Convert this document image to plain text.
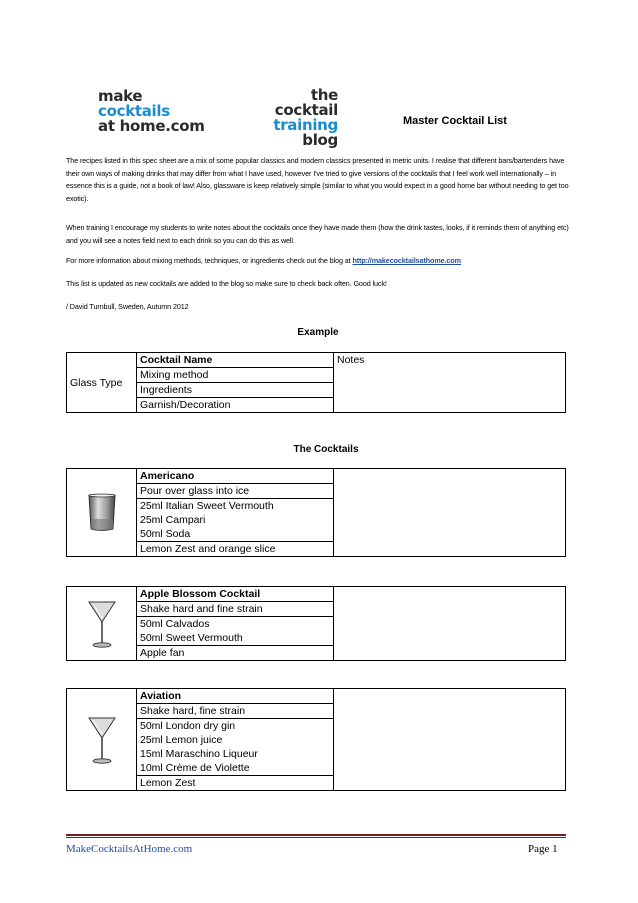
make
cocktails
at home.com
the cocktail
training
blog
Master Cocktail List
The recipes listed in this spec sheet are a mix of some popular classics and modern classics presented in metric units. I realise that different bars/bartenders have their own ways of making drinks that may differ from what I have used, however I've tried to give versions of the cocktails that I feel work well internationally – in essence this is a guide, not a book of law! Also, glassware is keep relatively simple (similar to what you would expect in a good home bar without needing to get too exotic).
When training I encourage my students to write notes about the cocktails once they have made them (how the drink tastes, looks, if it reminds them of anything etc) and you will see a notes field next to each drink so you can do this as well.
For more information about mixing methods, techniques, or ingredients check out the blog at http://makecocktailsathome.com
This list is updated as new cocktails are added to the blog so make sure to check back often. Good luck!
/ David Turnbull, Sweden, Autumn 2012
Example
Glass Type	Cocktail Name	Notes
Mixing method
Ingredients
Garnish/Decoration
The Cocktails
	Americano	
Pour over glass into ice
25ml Italian Sweet Vermouth
25ml Campari
50ml Soda
Lemon Zest and orange slice
	Apple Blossom Cocktail	
Shake hard and fine strain
50ml Calvados
50ml Sweet Vermouth
Apple fan
	Aviation	
Shake hard, fine strain
50ml London dry gin
25ml Lemon juice
15ml Maraschino Liqueur
10ml Crème de Violette
Lemon Zest
MakeCocktailsAtHome.com	Page 1
